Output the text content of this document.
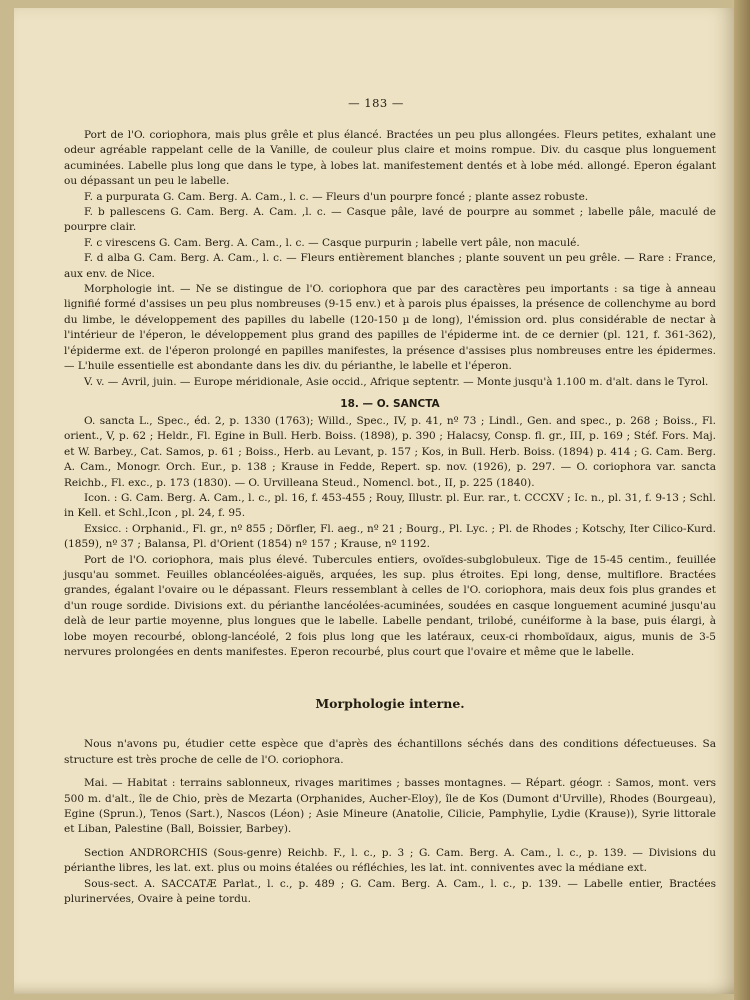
— 183 —

Port de l'O. coriophora, mais plus grêle et plus élancé. Bractées un peu plus allongées. Fleurs petites, exhalant une odeur agréable rappelant celle de la Vanille, de couleur plus claire et moins rompue. Div. du casque plus longuement acuminées. Labelle plus long que dans le type, à lobes lat. manifestement dentés et à lobe méd. allongé. Eperon égalant ou dépassant un peu le labelle.

F. a purpurata G. Cam. Berg. A. Cam., l. c. — Fleurs d'un pourpre foncé ; plante assez robuste.

F. b pallescens G. Cam. Berg. A. Cam. ,l. c. — Casque pâle, lavé de pourpre au sommet ; labelle pâle, maculé de pourpre clair.

F. c virescens G. Cam. Berg. A. Cam., l. c. — Casque purpurin ; labelle vert pâle, non maculé.

F. d alba G. Cam. Berg. A. Cam., l. c. — Fleurs entièrement blanches ; plante souvent un peu grêle. — Rare : France, aux env. de Nice.

Morphologie int. — Ne se distingue de l'O. coriophora que par des caractères peu importants : sa tige à anneau lignifié formé d'assises un peu plus nombreuses (9-15 env.) et à parois plus épaisses, la présence de collenchyme au bord du limbe, le développement des papilles du labelle (120-150 µ de long), l'émission ord. plus considérable de nectar à l'intérieur de l'éperon, le développement plus grand des papilles de l'épiderme int. de ce dernier (pl. 121, f. 361-362), l'épiderme ext. de l'éperon prolongé en papilles manifestes, la présence d'assises plus nombreuses entre les épidermes. — L'huile essentielle est abondante dans les div. du périanthe, le labelle et l'éperon.

V. v. — Avril, juin. — Europe méridionale, Asie occid., Afrique septentr. — Monte jusqu'à 1.100 m. d'alt. dans le Tyrol.

18. — O. SANCTA

O. sancta L., Spec., éd. 2, p. 1330 (1763); Willd., Spec., IV, p. 41, nº 73 ; Lindl., Gen. and spec., p. 268 ; Boiss., Fl. orient., V, p. 62 ; Heldr., Fl. Egine in Bull. Herb. Boiss. (1898), p. 390 ; Halacsy, Consp. fl. gr., III, p. 169 ; Stéf. Fors. Maj. et W. Barbey., Cat. Samos, p. 61 ; Boiss., Herb. au Levant, p. 157 ; Kos, in Bull. Herb. Boiss. (1894) p. 414 ; G. Cam. Berg. A. Cam., Monogr. Orch. Eur., p. 138 ; Krause in Fedde, Repert. sp. nov. (1926), p. 297. — O. coriophora var. sancta Reichb., Fl. exc., p. 173 (1830). — O. Urvilleana Steud., Nomencl. bot., II, p. 225 (1840).

Icon. : G. Cam. Berg. A. Cam., l. c., pl. 16, f. 453-455 ; Rouy, Illustr. pl. Eur. rar., t. CCCXV ; Ic. n., pl. 31, f. 9-13 ; Schl. in Kell. et Schl.,Icon , pl. 24, f. 95.

Exsicc. : Orphanid., Fl. gr., nº 855 ; Dörfler, Fl. aeg., nº 21 ; Bourg., Pl. Lyc. ; Pl. de Rhodes ; Kotschy, Iter Cilico-Kurd. (1859), nº 37 ; Balansa, Pl. d'Orient (1854) nº 157 ; Krause, nº 1192.

Port de l'O. coriophora, mais plus élevé. Tubercules entiers, ovoïdes-subglobuleux. Tige de 15-45 centim., feuillée jusqu'au sommet. Feuilles oblancéolées-aiguës, arquées, les sup. plus étroites. Epi long, dense, multiflore. Bractées grandes, égalant l'ovaire ou le dépassant. Fleurs ressemblant à celles de l'O. coriophora, mais deux fois plus grandes et d'un rouge sordide. Divisions ext. du périanthe lancéolées-acuminées, soudées en casque longuement acuminé jusqu'au delà de leur partie moyenne, plus longues que le labelle. Labelle pendant, trilobé, cunéiforme à la base, puis élargi, à lobe moyen recourbé, oblong-lancéolé, 2 fois plus long que les latéraux, ceux-ci rhomboïdaux, aigus, munis de 3-5 nervures prolongées en dents manifestes. Eperon recourbé, plus court que l'ovaire et même que le labelle.

Morphologie interne.

Nous n'avons pu, étudier cette espèce que d'après des échantillons séchés dans des conditions défectueuses. Sa structure est très proche de celle de l'O. coriophora.

Mai. — Habitat : terrains sablonneux, rivages maritimes ; basses montagnes. — Répart. géogr. : Samos, mont. vers 500 m. d'alt., île de Chio, près de Mezarta (Orphanides, Aucher-Eloy), île de Kos (Dumont d'Urville), Rhodes (Bourgeau), Egine (Sprun.), Tenos (Sart.), Nascos (Léon) ; Asie Mineure (Anatolie, Cilicie, Pamphylie, Lydie (Krause)), Syrie littorale et Liban, Palestine (Ball, Boissier, Barbey).

Section ANDRORCHIS (Sous-genre) Reichb. F., l. c., p. 3 ; G. Cam. Berg. A. Cam., l. c., p. 139. — Divisions du périanthe libres, les lat. ext. plus ou moins étalées ou réfléchies, les lat. int. conniventes avec la médiane ext.

Sous-sect. A. SACCATÆ Parlat., l. c., p. 489 ; G. Cam. Berg. A. Cam., l. c., p. 139. — Labelle entier, Bractées plurinervées, Ovaire à peine tordu.
